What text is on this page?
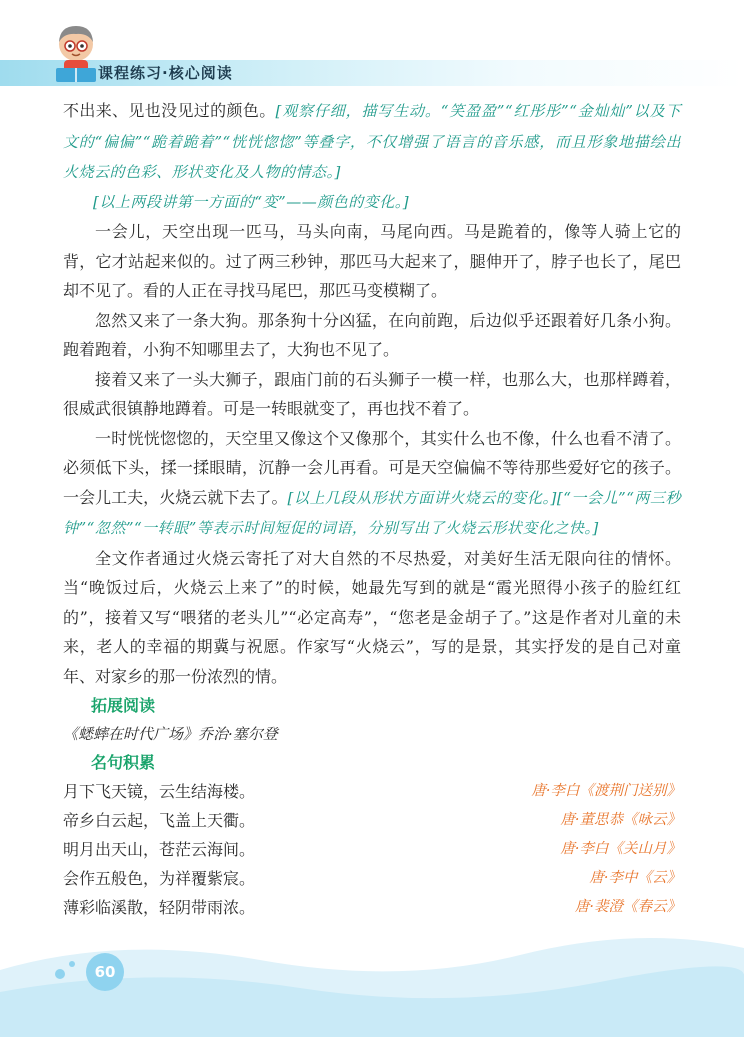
课程练习·核心阅读

不出来、见也没见过的颜色。[观察仔细，描写生动。“笑盈盈”“红彤彤”“金灿灿”以及下文的“偏偏”“跪着跪着”“恍恍惚惚”等叠字，不仅增强了语言的音乐感，而且形象地描绘出火烧云的色彩、形状变化及人物的情态。]

[以上两段讲第一方面的“变”——颜色的变化。]

一会儿，天空出现一匹马，马头向南，马尾向西。马是跪着的，像等人骑上它的背，它才站起来似的。过了两三秒钟，那匹马大起来了，腿伸开了，脖子也长了，尾巴却不见了。看的人正在寻找马尾巴，那匹马变模糊了。

忽然又来了一条大狗。那条狗十分凶猛，在向前跑，后边似乎还跟着好几条小狗。跑着跑着，小狗不知哪里去了，大狗也不见了。

接着又来了一头大狮子，跟庙门前的石头狮子一模一样，也那么大，也那样蹲着，很威武很镇静地蹲着。可是一转眼就变了，再也找不着了。

一时恍恍惚惚的，天空里又像这个又像那个，其实什么也不像，什么也看不清了。必须低下头，揉一揉眼睛，沉静一会儿再看。可是天空偏偏不等待那些爱好它的孩子。一会儿工夫，火烧云就下去了。[以上几段从形状方面讲火烧云的变化。][“一会儿”“两三秒钟”“忽然”“一转眼”等表示时间短促的词语，分别写出了火烧云形状变化之快。]

全文作者通过火烧云寄托了对大自然的不尽热爱，对美好生活无限向往的情怀。当“晚饭过后，火烧云上来了”的时候，她最先写到的就是“霞光照得小孩子的脸红红的”，接着又写“喂猪的老头儿”“必定高寿”，“您老是金胡子了。”这是作者对儿童的未来，老人的幸福的期冀与祝愿。作家写“火烧云”，写的是景，其实抒发的是自己对童年、对家乡的那一份浓烈的情。

拓展阅读
《蟋蟀在时代广场》乔治·塞尔登
名句积累
月下飞天镜，云生结海楼。	唐·李白《渡荆门送别》
帝乡白云起，飞盖上天衢。	唐·董思恭《咏云》
明月出天山，苍茫云海间。	唐·李白《关山月》
会作五般色，为祥覆紫宸。	唐·李中《云》
薄彩临溪散，轻阴带雨浓。	唐·裴澄《春云》
60
